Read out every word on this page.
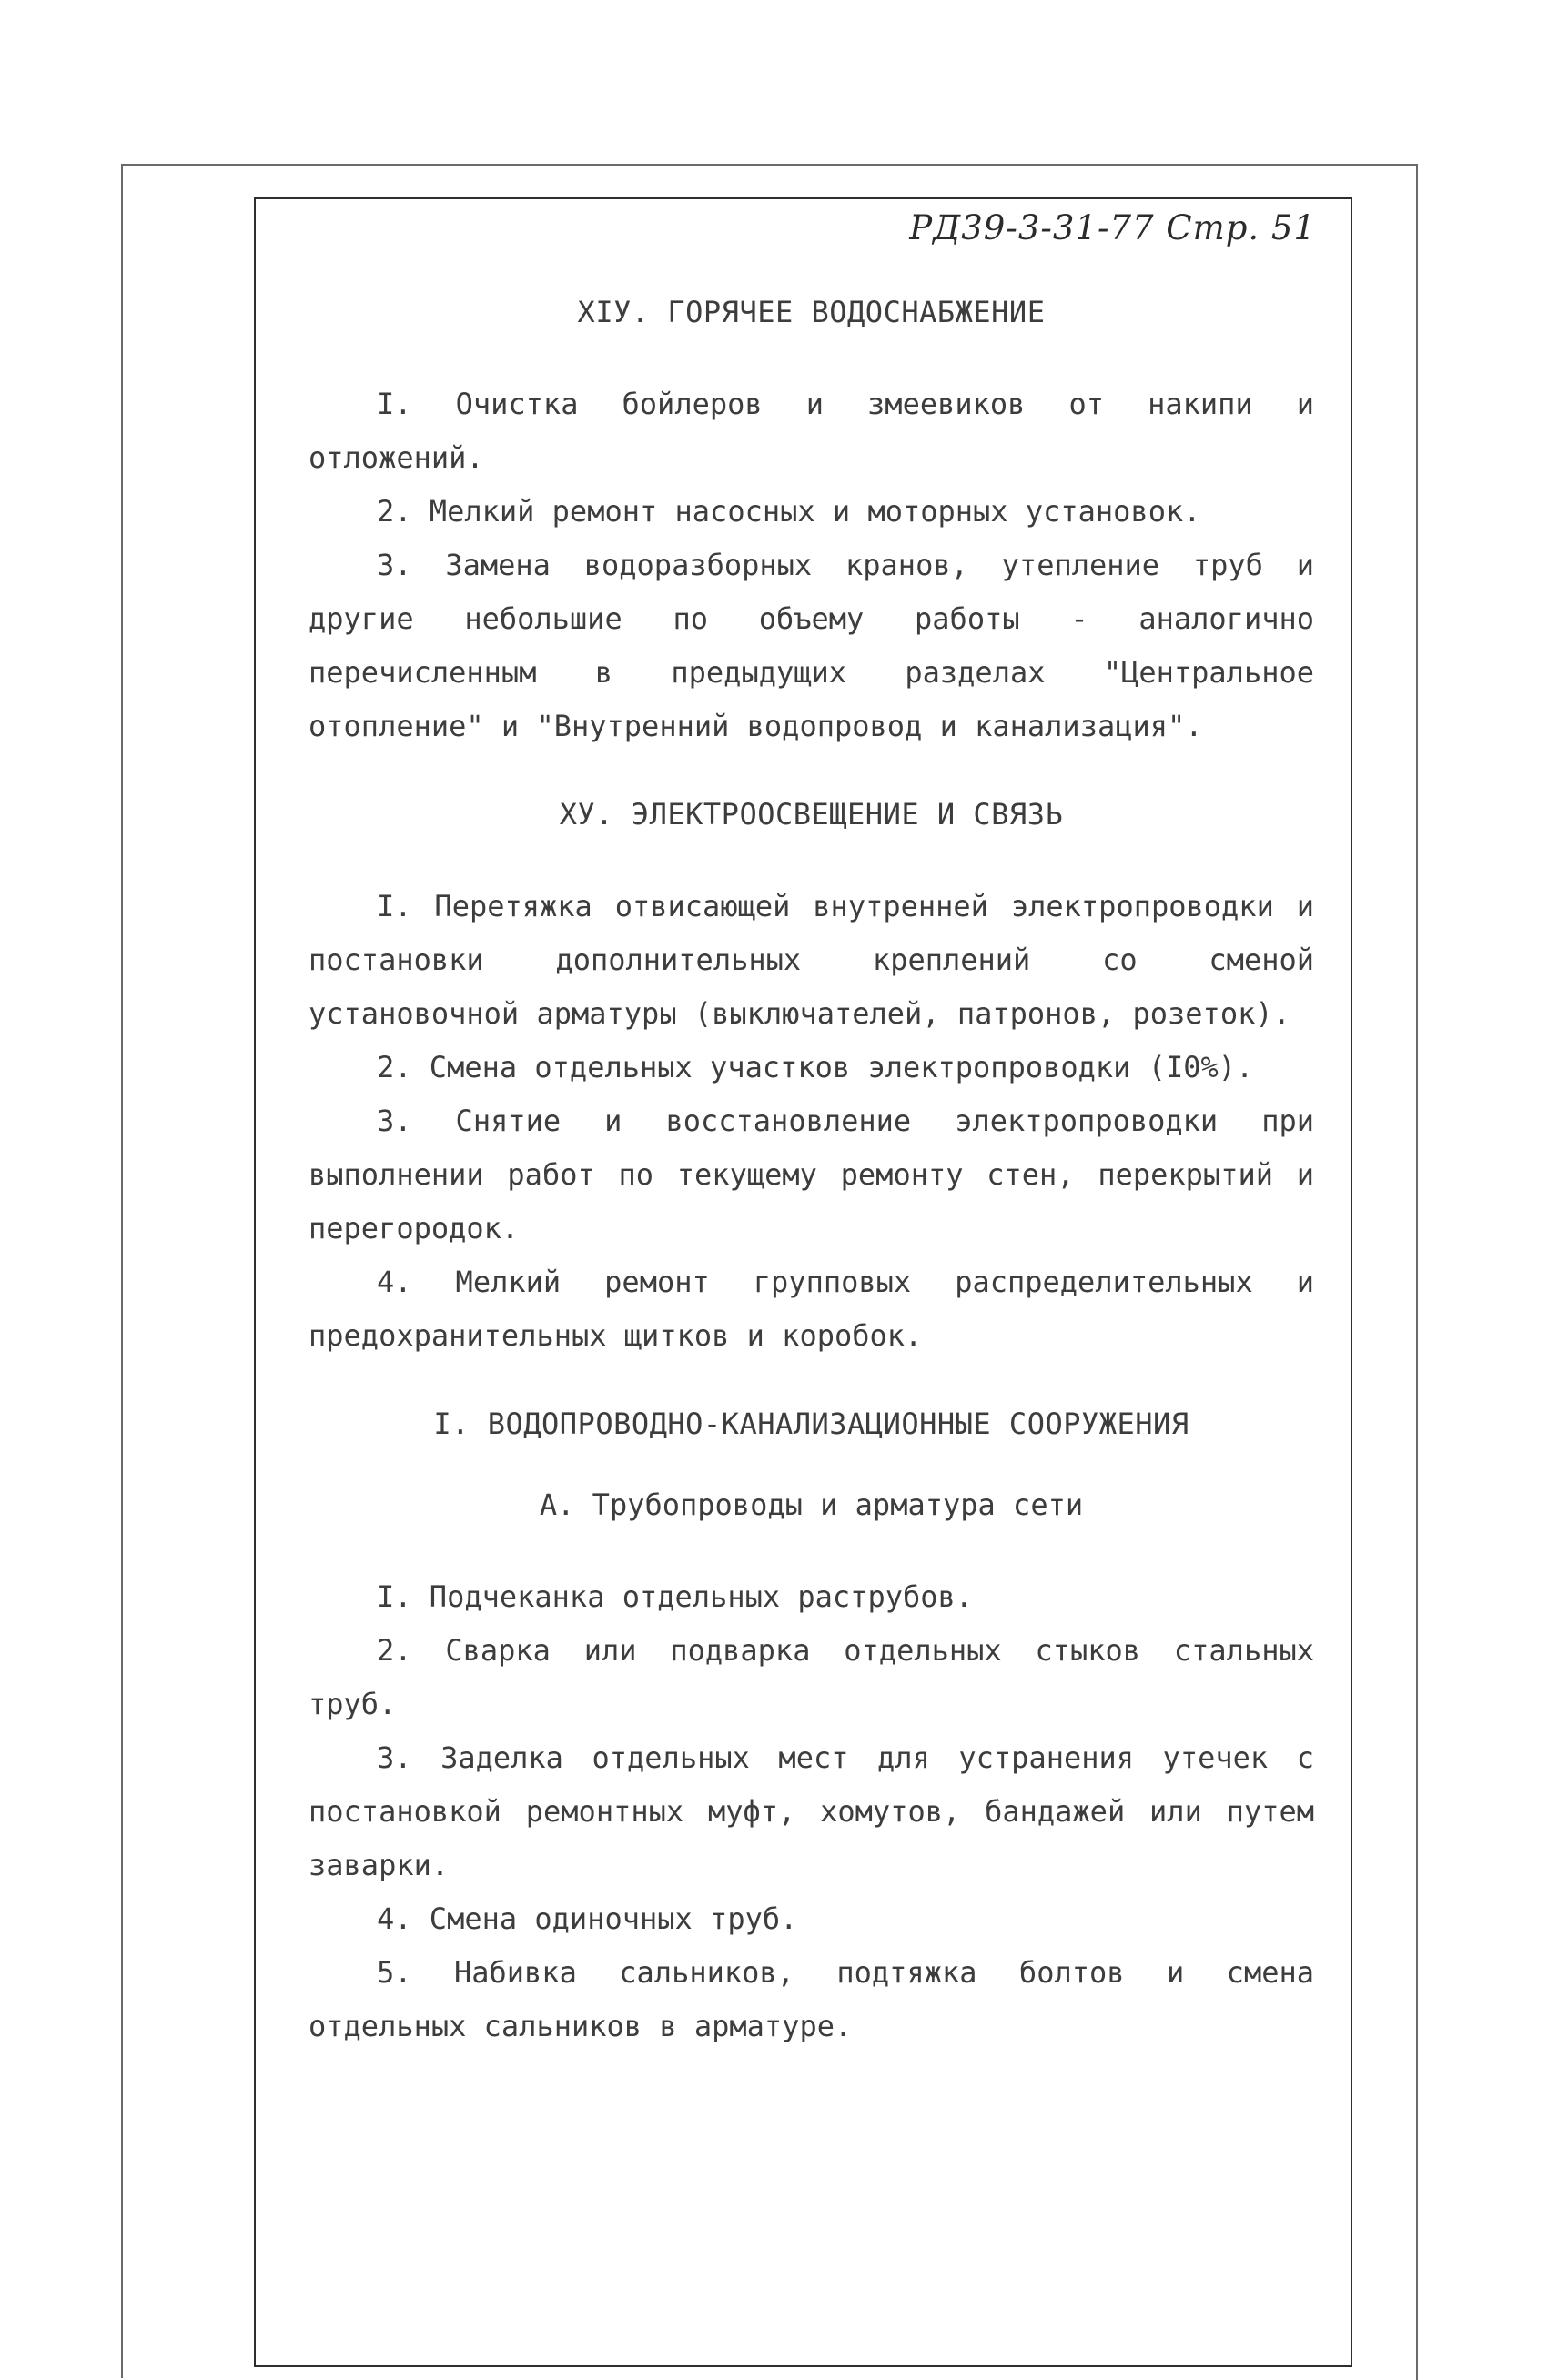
РД39-3-31-77 Стр. 51
XIУ. ГОРЯЧЕЕ ВОДОСНАБЖЕНИЕ

I. Очистка бойлеров и змеевиков от накипи и отложений.

2. Мелкий ремонт насосных и моторных установок.

3. Замена водоразборных кранов, утепление труб и другие небольшие по объему работы - аналогично перечисленным в предыдущих разделах "Центральное отопление" и "Внутренний водопровод и канализация".

XУ. ЭЛЕКТРООСВЕЩЕНИЕ И СВЯЗЬ

I. Перетяжка отвисающей внутренней электропроводки и постановки дополнительных креплений со сменой установочной арматуры (выключателей, патронов, розеток).

2. Смена отдельных участков электропроводки (I0%).

3. Снятие и восстановление электропроводки при выполнении работ по текущему ремонту стен, перекрытий и перегородок.

4. Мелкий ремонт групповых распределительных и предохранительных щитков и коробок.

I. ВОДОПРОВОДНО-КАНАЛИЗАЦИОННЫЕ СООРУЖЕНИЯ
А. Трубопроводы и арматура сети

I. Подчеканка отдельных раструбов.

2. Сварка или подварка отдельных стыков стальных труб.

3. Заделка отдельных мест для устранения утечек с постановкой ремонтных муфт, хомутов, бандажей или путем заварки.

4. Смена одиночных труб.

5. Набивка сальников, подтяжка болтов и смена отдельных сальников в арматуре.
